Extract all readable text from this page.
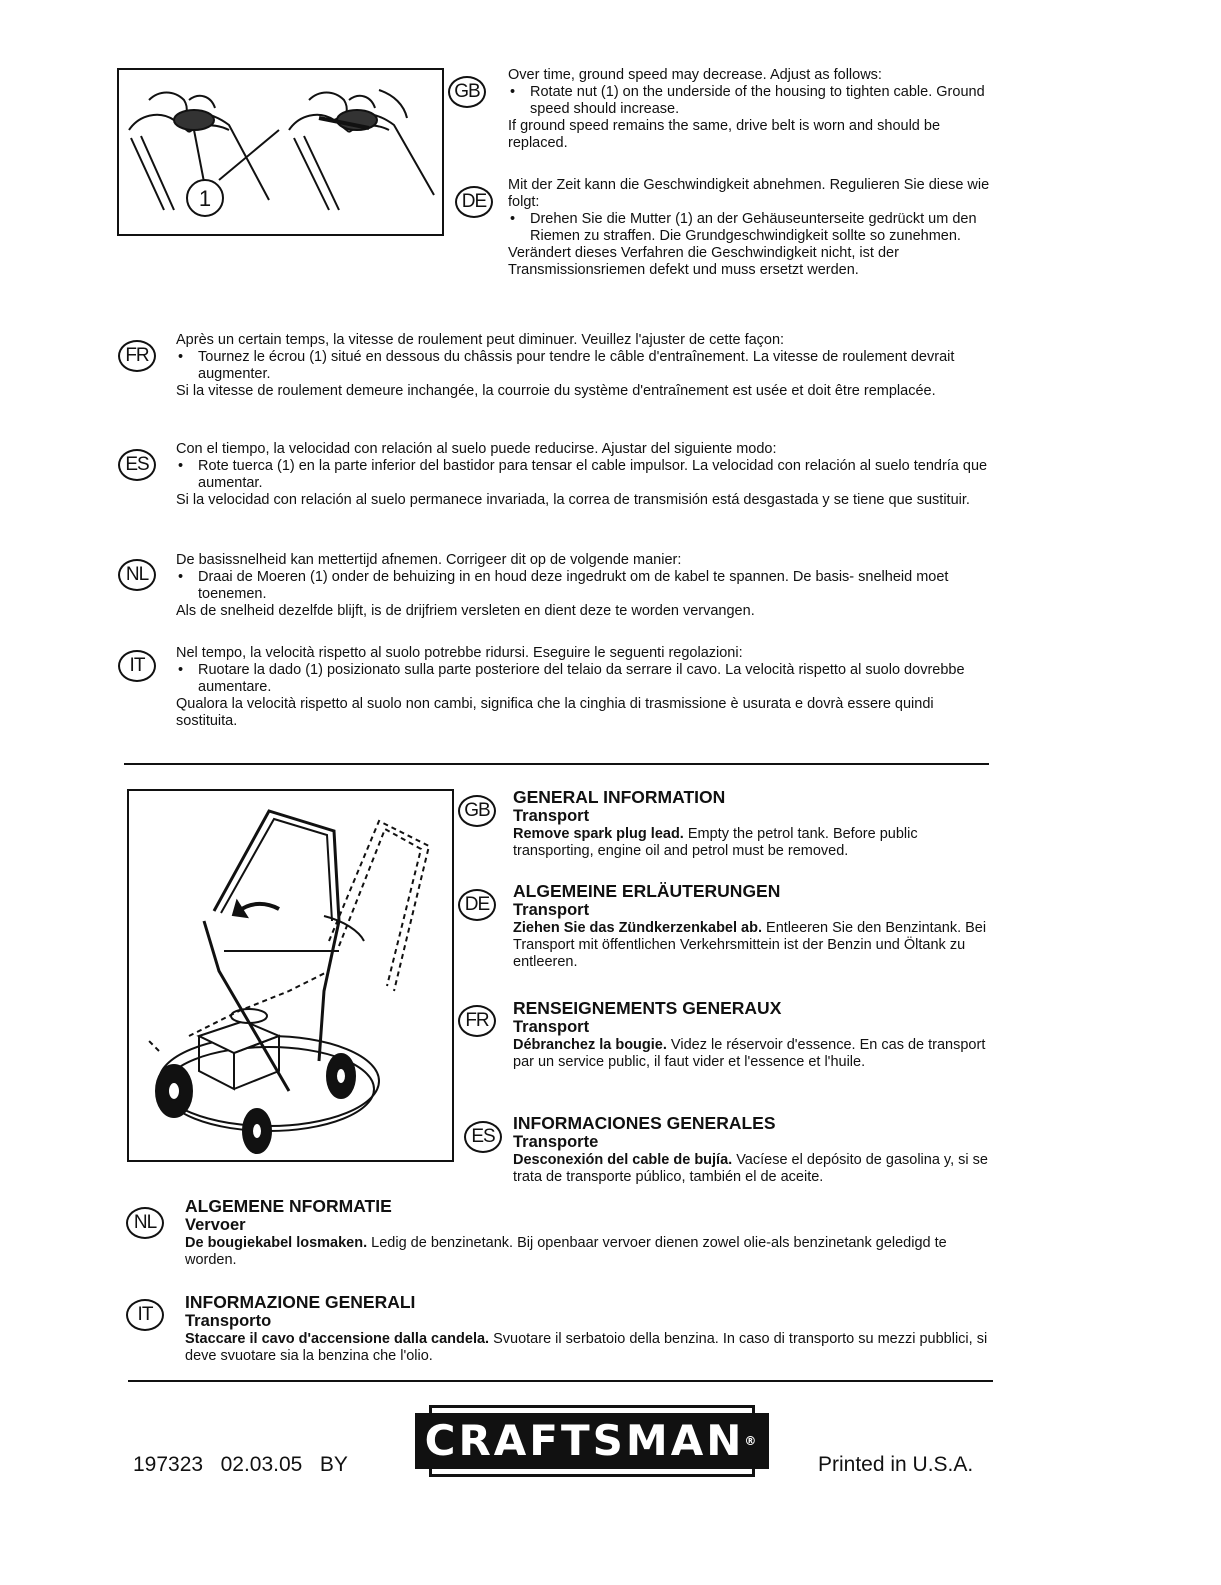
1
GB

Over time, ground speed may decrease. Adjust as follows:

•	Rotate nut (1) on the underside of the housing to tighten cable. Ground speed should increase.

If ground speed remains the same, drive belt is worn and should be replaced.

DE

Mit der Zeit kann die Geschwindigkeit abnehmen. Regulieren Sie diese wie folgt:

•	Drehen Sie die Mutter (1) an der Gehäuseunterseite gedrückt um den Riemen zu straffen. Die Grundgeschwindigkeit sollte so zunehmen.

Verändert dieses Verfahren die Geschwindigkeit nicht, ist der Transmissionsriemen defekt und muss ersetzt werden.

FR

Après un certain temps, la vitesse de roulement peut diminuer. Veuillez l'ajuster de cette façon:

•	Tournez le écrou (1) situé en dessous du châssis pour tendre le câble d'entraînement. La vitesse de roulement devrait augmenter.

Si la vitesse de roulement demeure inchangée, la courroie du système d'entraînement est usée et doit être remplacée.

ES

Con el tiempo, la velocidad con relación al suelo puede reducirse. Ajustar del siguiente modo:

•	Rote tuerca (1) en la parte inferior del bastidor para tensar el cable impulsor. La velocidad con relación al suelo tendría que aumentar.

Si la velocidad con relación al suelo permanece invariada, la correa de transmisión está desgastada y se tiene que sustituir.

NL

De basissnelheid kan mettertijd afnemen. Corrigeer dit op de volgende manier:

•	Draai de Moeren (1) onder de behuizing in en houd deze ingedrukt om de kabel te spannen. De basis- snelheid moet toenemen.

Als de snelheid dezelfde blijft, is de drijfriem versleten en dient deze te worden vervangen.

IT

Nel tempo, la velocità rispetto al suolo potrebbe ridursi. Eseguire le seguenti regolazioni:

•	Ruotare la dado (1) posizionato sulla parte posteriore del telaio da serrare il cavo. La velocità rispetto al suolo dovrebbe aumentare.

Qualora la velocità rispetto al suolo non cambi, significa che la cinghia di trasmissione è usurata e dovrà essere quindi sostituita.

GB
GENERAL INFORMATION
Transport
Remove spark plug lead. Empty the petrol tank. Before public transporting, engine oil and petrol must be removed.
DE
ALGEMEINE ERLÄUTERUNGEN
Transport
Ziehen Sie das Zündkerzenkabel ab. Entleeren Sie den Benzintank. Bei Transport mit öffentlichen Verkehrsmittein ist der Benzin und Öltank zu entleeren.
FR
RENSEIGNEMENTS GENERAUX
Transport
Débranchez la bougie. Videz le réservoir d'essence. En cas de transport par un service public, il faut vider et l'essence et l'huile.
ES
INFORMACIONES GENERALES
Transporte
Desconexión del cable de bujía. Vacíese el depósito de gasolina y, si se trata de transporte público, también el de aceite.
NL
ALGEMENE NFORMATIE
Vervoer
De bougiekabel losmaken. Ledig de benzinetank. Bij openbaar vervoer dienen zowel olie-als benzinetank geledigd te worden.
IT
INFORMAZIONE GENERALI
Transporto
Staccare il cavo d'accensione dalla candela. Svuotare il serbatoio della benzina. In caso di transporto su mezzi pubblici, si deve svuotare sia la benzina che l'olio.
197323 02.03.05 BY CRAFTSMAN®
Printed in U.S.A.
